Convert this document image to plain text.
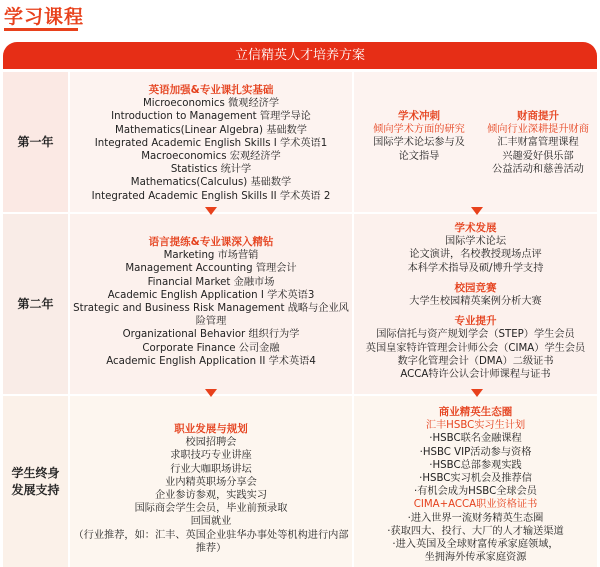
学习课程
立信精英人才培养方案
第一年
第二年
学生终身
发展支持
英语加强&专业课扎实基础
Microeconomics 微观经济学
Introduction to Management 管理学导论
Mathematics(Linear Algebra) 基础数学
Integrated Academic English Skills I 学术英语1
Macroeconomics 宏观经济学
Statistics 统计学
Mathematics(Calculus) 基础数学
Integrated Academic English Skills II 学术英语 2
学术冲刺
倾向学术方面的研究
国际学术论坛参与及
论文指导
财商提升
倾向行业深耕提升财商
汇丰财富管理课程
兴趣爱好俱乐部
公益活动和慈善活动
语言提练&专业课深入精钻
Marketing 市场营销
Management Accounting 管理会计
Financial Market 金融市场
Academic English Application I 学术英语3
Strategic and Business Risk Management 战略与企业风险管理
Organizational Behavior 组织行为学
Corporate Finance 公司金融
Academic English Application II 学术英语4
学术发展
国际学术论坛
论文演讲，名校教授现场点评
本科学术指导及硕/博升学支持
校园竞赛
大学生校园精英案例分析大赛
专业提升
国际信托与资产规划学会（STEP）学生会员
英国皇家特许管理会计师公会（CIMA）学生会员
数字化管理会计（DMA）二级证书
ACCA特许公认会计师课程与证书
职业发展与规划
校园招聘会
求职技巧专业讲座
行业大咖职场讲坛
业内精英职场分享会
企业参访参观，实践实习
国际商会学生会员，毕业前预录取
回国就业
（行业推荐，如：汇丰、英国企业驻华办事处等机构进行内部推荐）
商业精英生态圈
汇丰HSBC实习生计划
·HSBC联名金融课程
·HSBC VIP活动参与资格
·HSBC总部参观实践
·HSBC实习机会及推荐信
·有机会成为HSBC全球会员
CIMA+ACCA职业资格证书
·进入世界一流财务精英生态圈
·获取四大、投行、大厂的人才输送渠道
·进入英国及全球财富传承家庭领域，
坐拥海外传承家庭资源
